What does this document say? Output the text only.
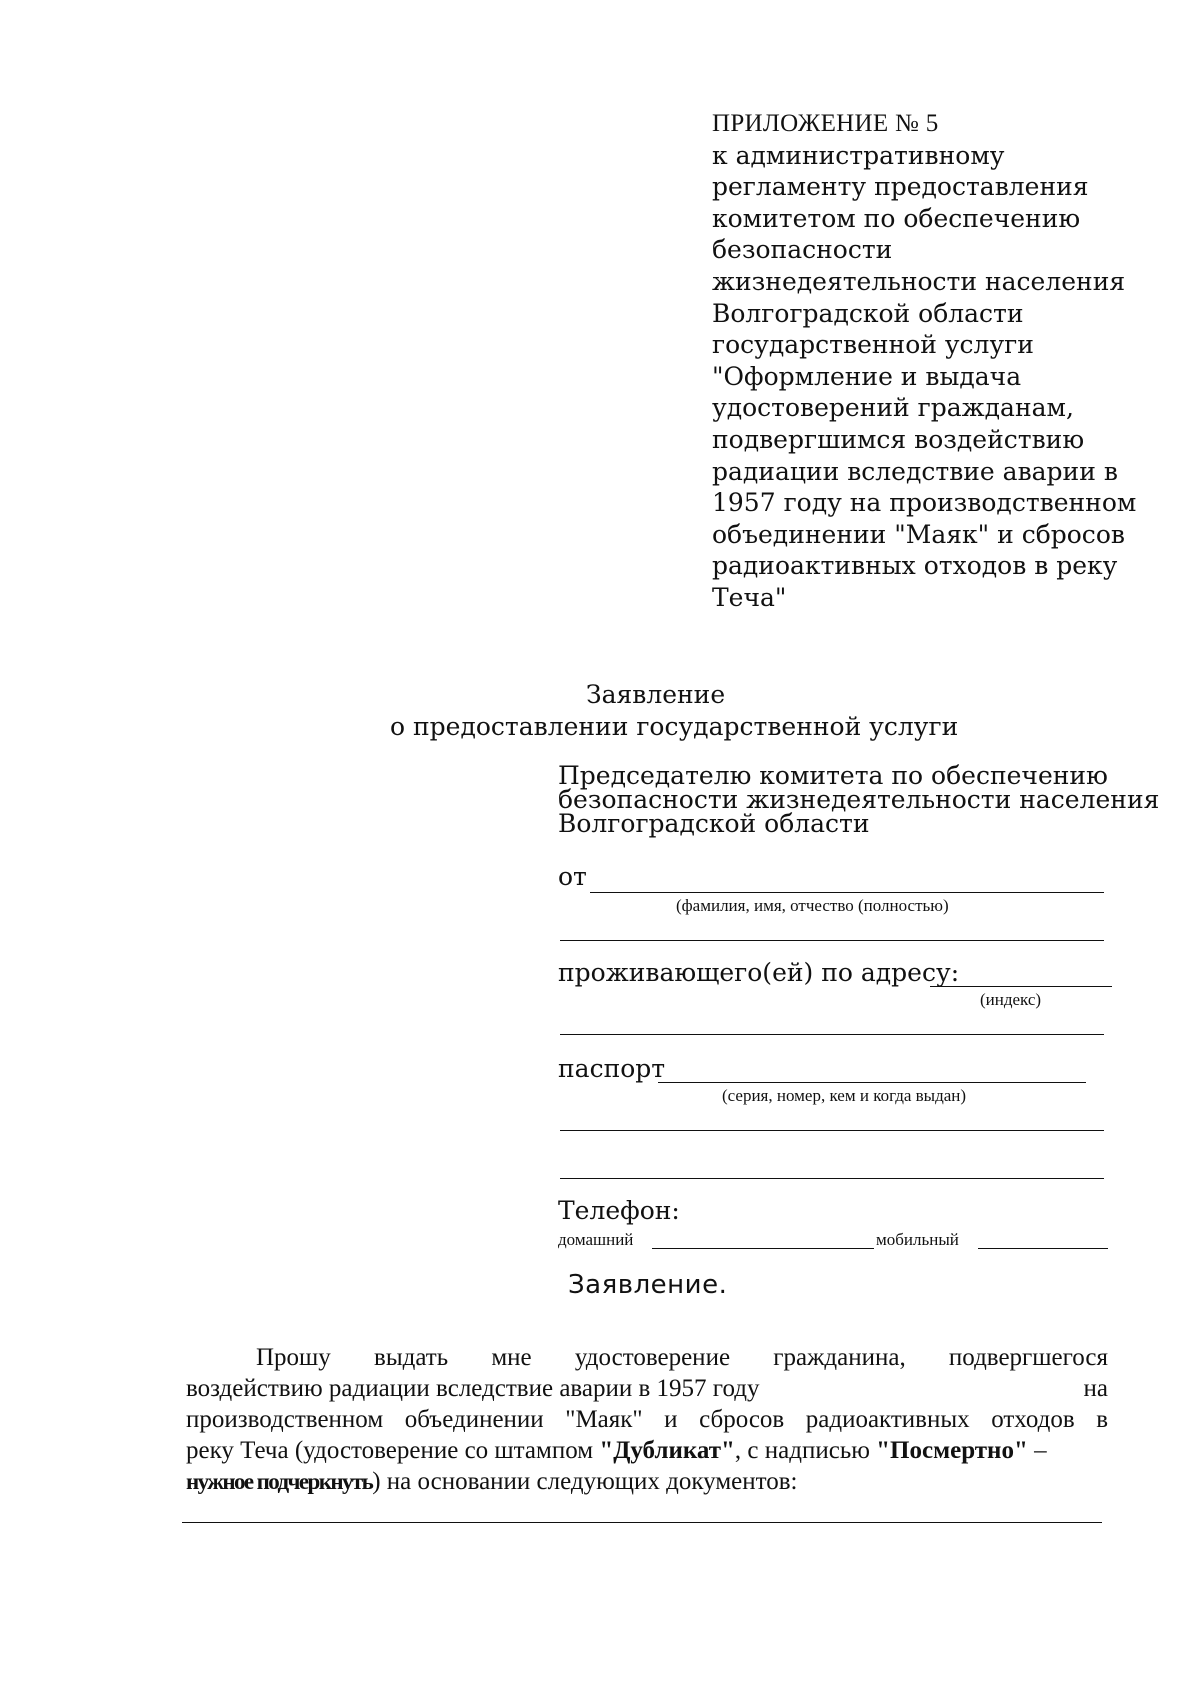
ПРИЛОЖЕНИЕ № 5
к административному
регламенту предоставления
комитетом по обеспечению
безопасности
жизнедеятельности населения
Волгоградской области
государственной услуги
"Оформление и выдача
удостоверений гражданам,
подвергшимся воздействию
радиации вследствие аварии в
1957 году на производственном
объединении "Маяк" и сбросов
радиоактивных отходов в реку
Теча"
Заявление
о предоставлении государственной услуги
Председателю комитета по обеспечению
безопасности жизнедеятельности населения
Волгоградской области
от
(фамилия, имя, отчество (полностью)
проживающего(ей) по адресу:
(индекс)
паспорт
(серия, номер, кем и когда выдан)
Телефон:
домашний	мобильный
Заявление.
Прошу выдать мне удостоверение гражданина, подвергшегося
воздействию радиации вследствие аварии в 1957 году	на
производственном объединении "Маяк" и сбросов радиоактивных отходов в
реку Теча (удостоверение со штампом "Дубликат" , с надписью "Посмертно" –
нужное подчеркнуть ) на основании следующих документов:
